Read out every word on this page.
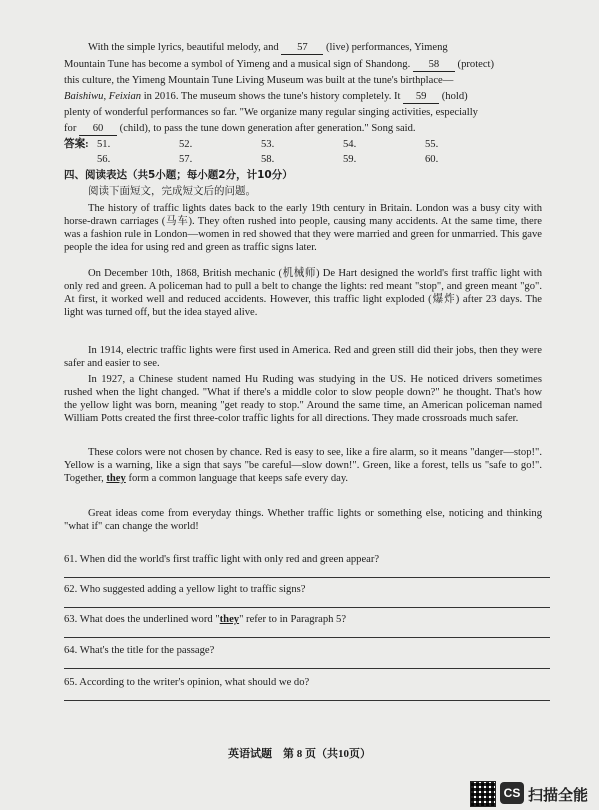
With the simple lyrics, beautiful melody, and 57 (live) performances, Yimeng
Mountain Tune has become a symbol of Yimeng and a musical sign of Shandong. 58 (protect)
this culture, the Yimeng Mountain Tune Living Museum was built at the tune's birthplace—
Baishiwu, Feixian in 2016. The museum shows the tune's history completely. It 59 (hold)
plenty of wonderful performances so far. "We organize many regular singing activities, especially
for 60 (child), to pass the tune down generation after generation." Song said.
答案: 51.	52.	53.	54.	55.
56.	57.	58.	59.	60.
四、阅读表达（共5小题；每小题2分，计10分）
阅读下面短文，完成短文后的问题。
The history of traffic lights dates back to the early 19th century in Britain. London was a busy city with horse-drawn carriages (马车). They often rushed into people, causing many accidents. At the same time, there was a fashion rule in London—women in red showed that they were married and green for unmarried. This gave people the idea for using red and green as traffic signs later.
On December 10th, 1868, British mechanic (机械师) De Hart designed the world's first traffic light with only red and green. A policeman had to pull a belt to change the lights: red meant "stop", and green meant "go". At first, it worked well and reduced accidents. However, this traffic light exploded (爆炸) after 23 days. The light was turned off, but the idea stayed alive.
In 1914, electric traffic lights were first used in America. Red and green still did their jobs, then they were safer and easier to see.
In 1927, a Chinese student named Hu Ruding was studying in the US. He noticed drivers sometimes rushed when the light changed. "What if there's a middle color to slow people down?" he thought. That's how the yellow light was born, meaning "get ready to stop." Around the same time, an American policeman named William Potts created the first three-color traffic lights for all directions. They made crossroads much safer.
These colors were not chosen by chance. Red is easy to see, like a fire alarm, so it means "danger—stop!". Yellow is a warning, like a sign that says "be careful—slow down!". Green, like a forest, tells us "safe to go!". Together, they form a common language that keeps safe every day.
Great ideas come from everyday things. Whether traffic lights or something else, noticing and thinking "what if" can change the world!
61. When did the world's first traffic light with only red and green appear?
62. Who suggested adding a yellow light to traffic signs?
63. What does the underlined word "they" refer to in Paragraph 5?
64. What's the title for the passage?
65. According to the writer's opinion, what should we do?
英语试题　第 8 页（共10页）
CS 扫描全能
